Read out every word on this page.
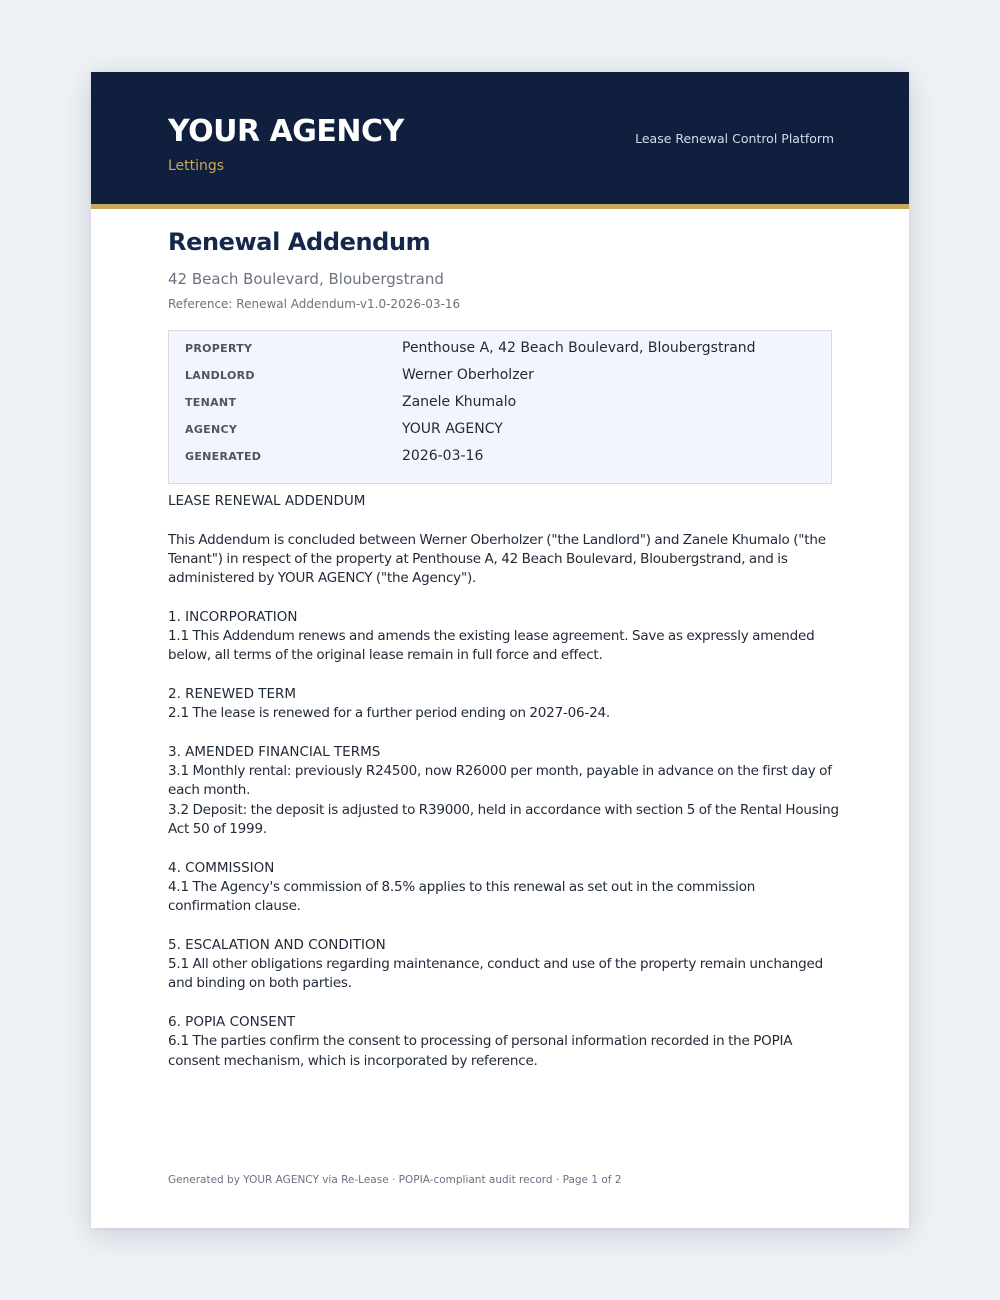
YOUR AGENCY
Lettings
Lease Renewal Control Platform
Renewal Addendum
42 Beach Boulevard, Bloubergstrand
Reference: Renewal Addendum-v1.0-2026-03-16
PROPERTY	Penthouse A, 42 Beach Boulevard, Bloubergstrand
LANDLORD	Werner Oberholzer
TENANT	Zanele Khumalo
AGENCY	YOUR AGENCY
GENERATED	2026-03-16
LEASE RENEWAL ADDENDUM
This Addendum is concluded between Werner Oberholzer ("the Landlord") and Zanele Khumalo ("the Tenant") in respect of the property at Penthouse A, 42 Beach Boulevard, Bloubergstrand, and is administered by YOUR AGENCY ("the Agency").
1. INCORPORATION
1.1 This Addendum renews and amends the existing lease agreement. Save as expressly amended below, all terms of the original lease remain in full force and effect.
2. RENEWED TERM
2.1 The lease is renewed for a further period ending on 2027-06-24.
3. AMENDED FINANCIAL TERMS
3.1 Monthly rental: previously R24500, now R26000 per month, payable in advance on the first day of each month.
3.2 Deposit: the deposit is adjusted to R39000, held in accordance with section 5 of the Rental Housing Act 50 of 1999.
4. COMMISSION
4.1 The Agency's commission of 8.5% applies to this renewal as set out in the commission confirmation clause.
5. ESCALATION AND CONDITION
5.1 All other obligations regarding maintenance, conduct and use of the property remain unchanged and binding on both parties.
6. POPIA CONSENT
6.1 The parties confirm the consent to processing of personal information recorded in the POPIA consent mechanism, which is incorporated by reference.
Generated by YOUR AGENCY via Re-Lease · POPIA-compliant audit record · Page 1 of 2
